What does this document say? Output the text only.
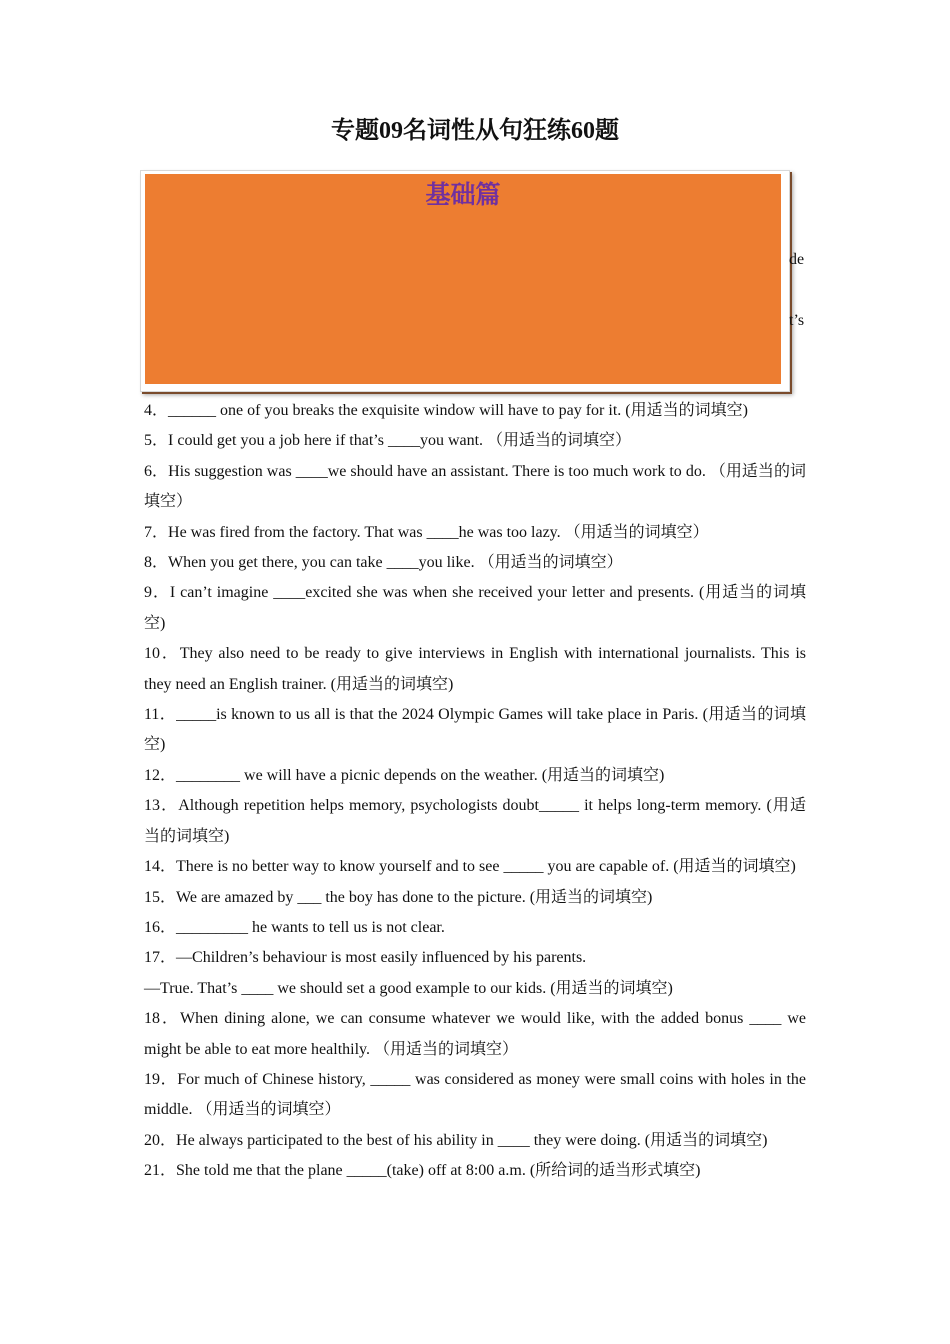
专题09名词性从句狂练60题
基础篇
de
t’s

4．______ one of you breaks the exquisite window will have to pay for it. (用适当的词填空)

5．I could get you a job here if that’s ____you want. （用适当的词填空）

6．His suggestion was ____we should have an assistant. There is too much work to do. （用适当的词填空）

7．He was fired from the factory. That was ____he was too lazy. （用适当的词填空）

8．When you get there, you can take ____you like. （用适当的词填空）

9．I can’t imagine ____excited she was when she received your letter and presents. (用适当的词填空)

10．They also need to be ready to give interviews in English with international journalists. This is they need an English trainer. (用适当的词填空)

11．_____is known to us all is that the 2024 Olympic Games will take place in Paris. (用适当的词填空)

12．________ we will have a picnic depends on the weather. (用适当的词填空)

13．Although repetition helps memory, psychologists doubt_____ it helps long-term memory. (用适当的词填空)

14．There is no better way to know yourself and to see _____ you are capable of. (用适当的词填空)

15．We are amazed by ___ the boy has done to the picture. (用适当的词填空)

16．_________ he wants to tell us is not clear.

17．—Children’s behaviour is most easily influenced by his parents.

—True. That’s ____ we should set a good example to our kids. (用适当的词填空)

18．When dining alone, we can consume whatever we would like, with the added bonus ____ we might be able to eat more healthily. （用适当的词填空）

19．For much of Chinese history, _____ was considered as money were small coins with holes in the middle. （用适当的词填空）

20．He always participated to the best of his ability in ____ they were doing. (用适当的词填空)

21．She told me that the plane _____(take) off at 8:00 a.m. (所给词的适当形式填空)
